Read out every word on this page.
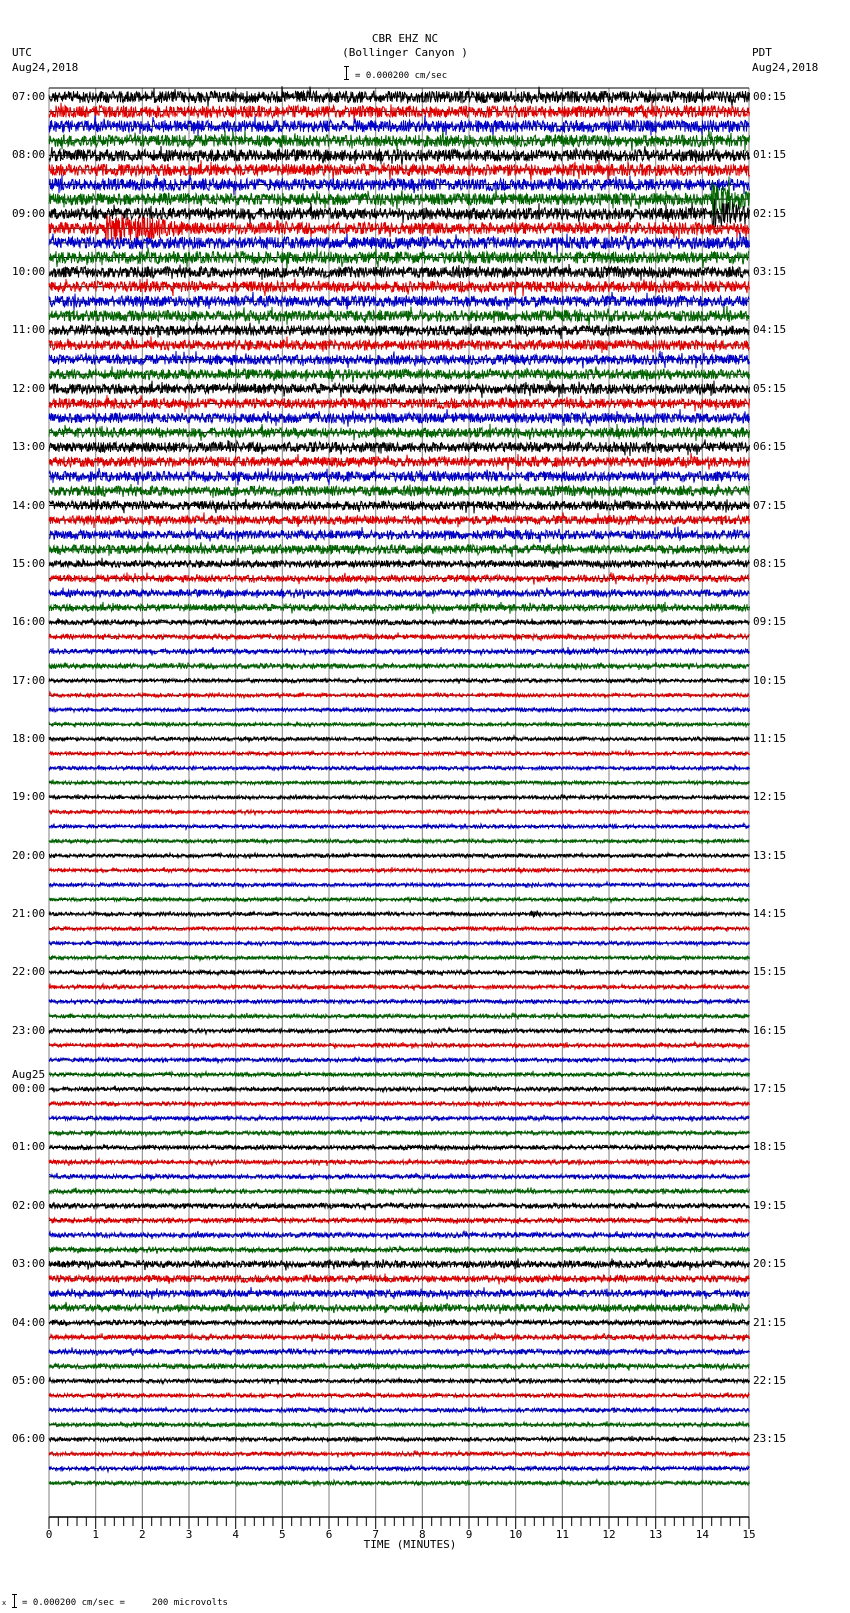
CBR EHZ NC
(Bollinger Canyon )
UTC
Aug24,2018
PDT
Aug24,2018
= 0.000200 cm/sec
07:00
08:00
09:00
10:00
11:00
12:00
13:00
14:00
15:00
16:00
17:00
18:00
19:00
20:00
21:00
22:00
23:00
Aug25
00:00
01:00
02:00
03:00
04:00
05:00
06:00
00:15
01:15
02:15
03:15
04:15
05:15
06:15
07:15
08:15
09:15
10:15
11:15
12:15
13:15
14:15
15:15
16:15
17:15
18:15
19:15
20:15
21:15
22:15
23:15
0	1	2	3	4	5	6	7	8	9	10	11	12	13	14	15
TIME (MINUTES)
x = 0.000200 cm/sec =     200 microvolts
